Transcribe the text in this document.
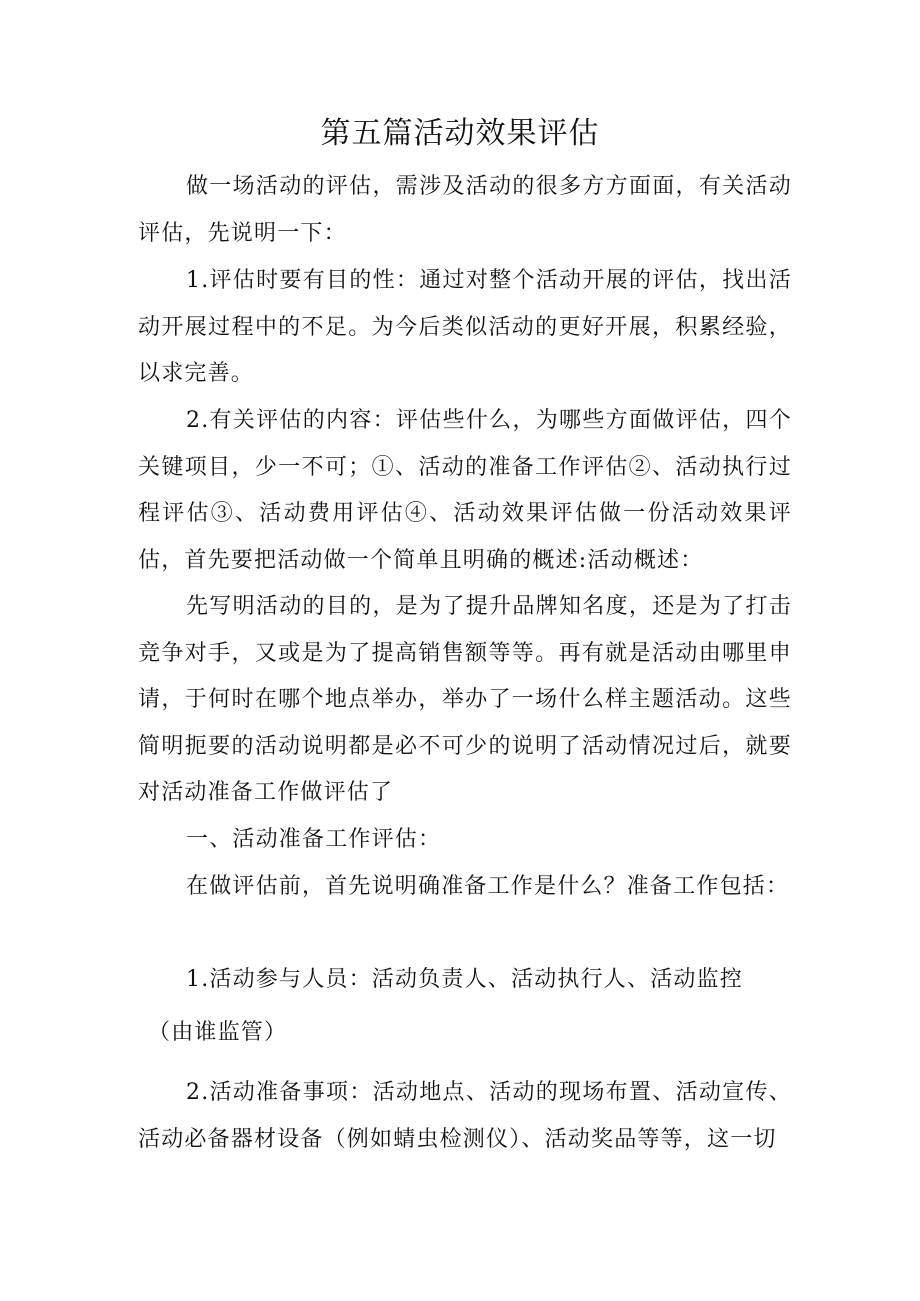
第五篇活动效果评估

做一场活动的评估，需涉及活动的很多方方面面，有关活动评估，先说明一下：

1.评估时要有目的性：通过对整个活动开展的评估，找出活动开展过程中的不足。为今后类似活动的更好开展，积累经验，以求完善。

2.有关评估的内容：评估些什么，为哪些方面做评估，四个关键项目，少一不可；①、活动的准备工作评估②、活动执行过程评估③、活动费用评估④、活动效果评估做一份活动效果评估，首先要把活动做一个简单且明确的概述:活动概述：

先写明活动的目的，是为了提升品牌知名度，还是为了打击竞争对手，又或是为了提高销售额等等。再有就是活动由哪里申请，于何时在哪个地点举办，举办了一场什么样主题活动。这些简明扼要的活动说明都是必不可少的说明了活动情况过后，就要对活动准备工作做评估了

一、活动准备工作评估：

在做评估前，首先说明确准备工作是什么？准备工作包括：

1.活动参与人员：活动负责人、活动执行人、活动监控

（由谁监管）

2.活动准备事项：活动地点、活动的现场布置、活动宣传、活动必备器材设备（例如蜻虫检测仪）、活动奖品等等，这一切
